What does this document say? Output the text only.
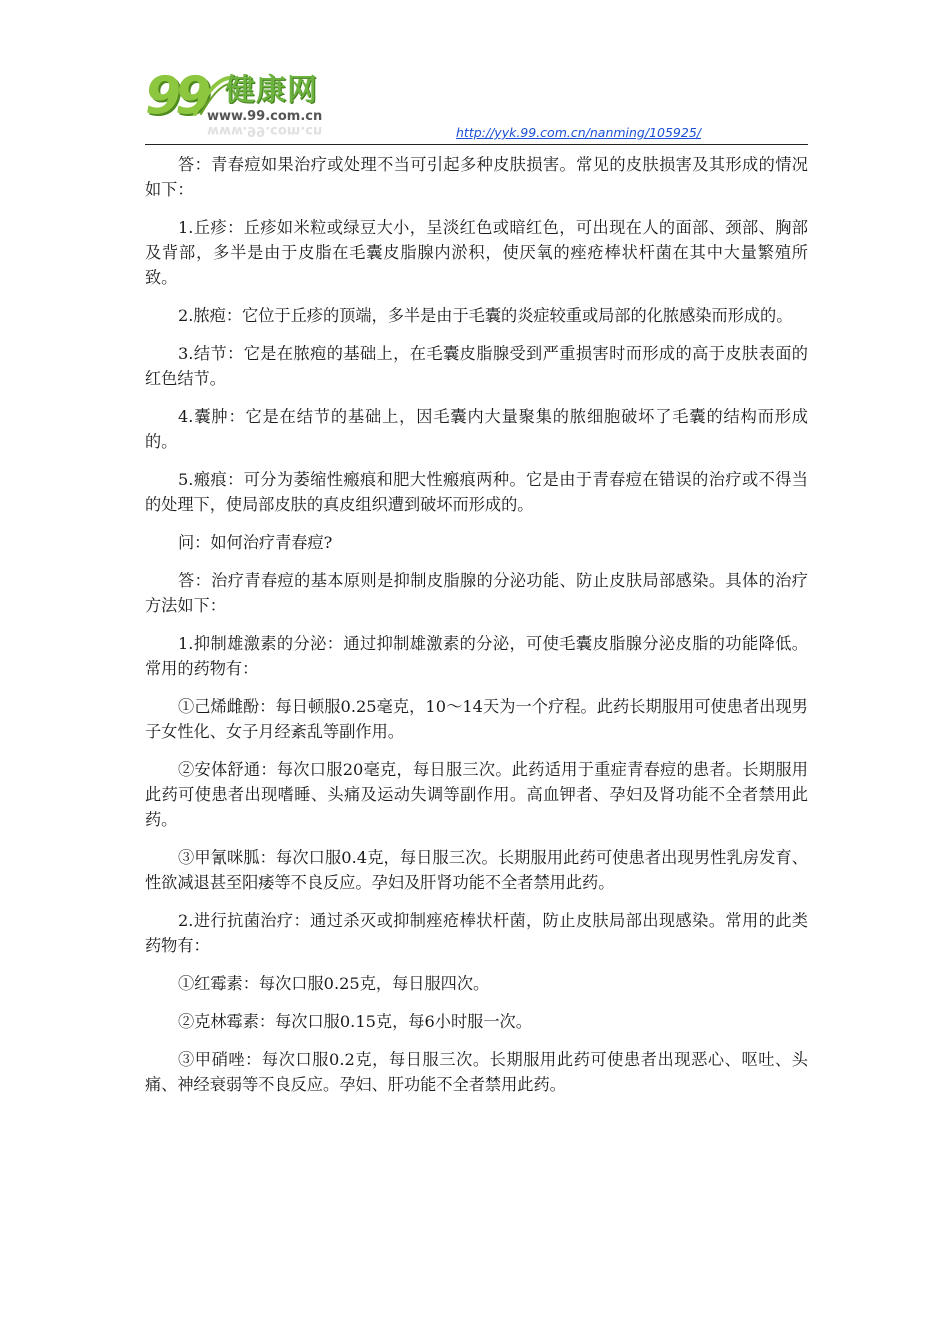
99 健康网
www.99.com.cn
www.99.com.cn	http://yyk.99.com.cn/nanming/105925/

答：青春痘如果治疗或处理不当可引起多种皮肤损害。常见的皮肤损害及其形成的情况如下：

1.丘疹：丘疹如米粒或绿豆大小，呈淡红色或暗红色，可出现在人的面部、颈部、胸部及背部，多半是由于皮脂在毛囊皮脂腺内淤积，使厌氧的痤疮棒状杆菌在其中大量繁殖所致。

2.脓疱：它位于丘疹的顶端，多半是由于毛囊的炎症较重或局部的化脓感染而形成的。

3.结节：它是在脓疱的基础上，在毛囊皮脂腺受到严重损害时而形成的高于皮肤表面的红色结节。

4.囊肿：它是在结节的基础上，因毛囊内大量聚集的脓细胞破坏了毛囊的结构而形成的。

5.瘢痕：可分为萎缩性瘢痕和肥大性瘢痕两种。它是由于青春痘在错误的治疗或不得当的处理下，使局部皮肤的真皮组织遭到破坏而形成的。

问：如何治疗青春痘?

答：治疗青春痘的基本原则是抑制皮脂腺的分泌功能、防止皮肤局部感染。具体的治疗方法如下：

1.抑制雄激素的分泌：通过抑制雄激素的分泌，可使毛囊皮脂腺分泌皮脂的功能降低。常用的药物有：

①己烯雌酚：每日顿服0.25毫克，10～14天为一个疗程。此药长期服用可使患者出现男子女性化、女子月经紊乱等副作用。

②安体舒通：每次口服20毫克，每日服三次。此药适用于重症青春痘的患者。长期服用此药可使患者出现嗜睡、头痛及运动失调等副作用。高血钾者、孕妇及肾功能不全者禁用此药。

③甲氰咪胍：每次口服0.4克，每日服三次。长期服用此药可使患者出现男性乳房发育、性欲减退甚至阳痿等不良反应。孕妇及肝肾功能不全者禁用此药。

2.进行抗菌治疗：通过杀灭或抑制痤疮棒状杆菌，防止皮肤局部出现感染。常用的此类药物有：

①红霉素：每次口服0.25克，每日服四次。

②克林霉素：每次口服0.15克，每6小时服一次。

③甲硝唑：每次口服0.2克，每日服三次。长期服用此药可使患者出现恶心、呕吐、头痛、神经衰弱等不良反应。孕妇、肝功能不全者禁用此药。
